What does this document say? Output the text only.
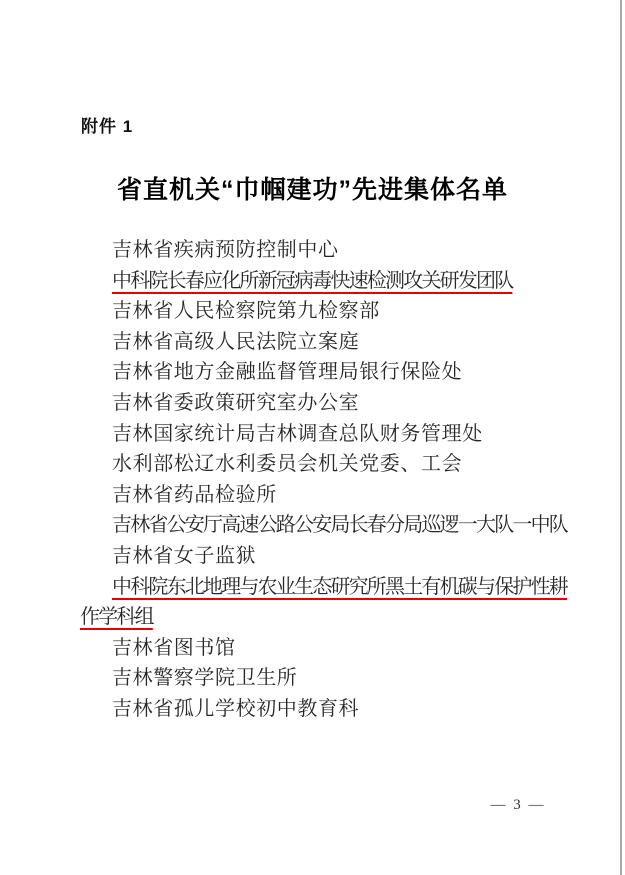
附件 1
省直机关“巾帼建功”先进集体名单

吉林省疾病预防控制中心

中科院长春应化所新冠病毒快速检测攻关研发团队

吉林省人民检察院第九检察部

吉林省高级人民法院立案庭

吉林省地方金融监督管理局银行保险处

吉林省委政策研究室办公室

吉林国家统计局吉林调查总队财务管理处

水利部松辽水利委员会机关党委、工会

吉林省药品检验所

吉林省公安厅高速公路公安局长春分局巡逻一大队一中队

吉林省女子监狱

中科院东北地理与农业生态研究所黑土有机碳与保护性耕作学科组

吉林省图书馆

吉林警察学院卫生所

吉林省孤儿学校初中教育科

— 3 —
